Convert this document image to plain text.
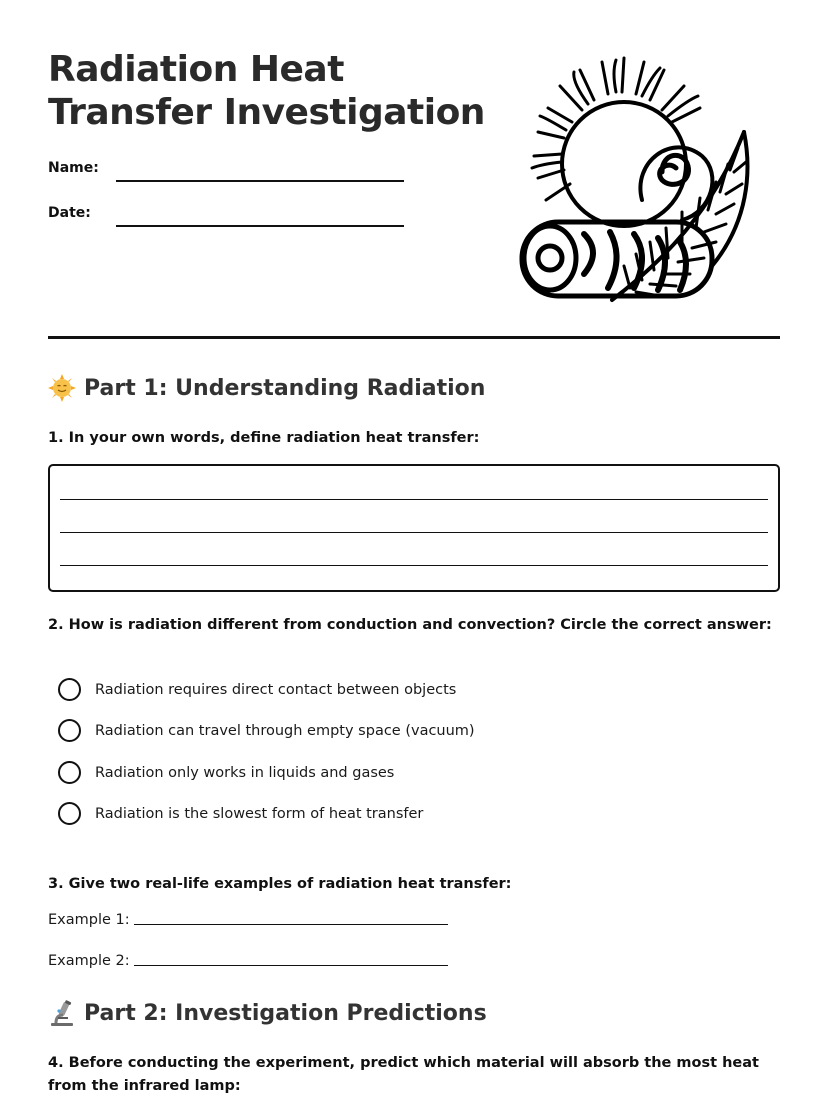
Radiation Heat Transfer Investigation
Name:
Date:
Part 1: Understanding Radiation
1. In your own words, define radiation heat transfer:
2. How is radiation different from conduction and convection? Circle the correct answer:
Radiation requires direct contact between objects
Radiation can travel through empty space (vacuum)
Radiation only works in liquids and gases
Radiation is the slowest form of heat transfer
3. Give two real-life examples of radiation heat transfer:
Example 1:
Example 2:
Part 2: Investigation Predictions
4. Before conducting the experiment, predict which material will absorb the most heat from the infrared lamp:
